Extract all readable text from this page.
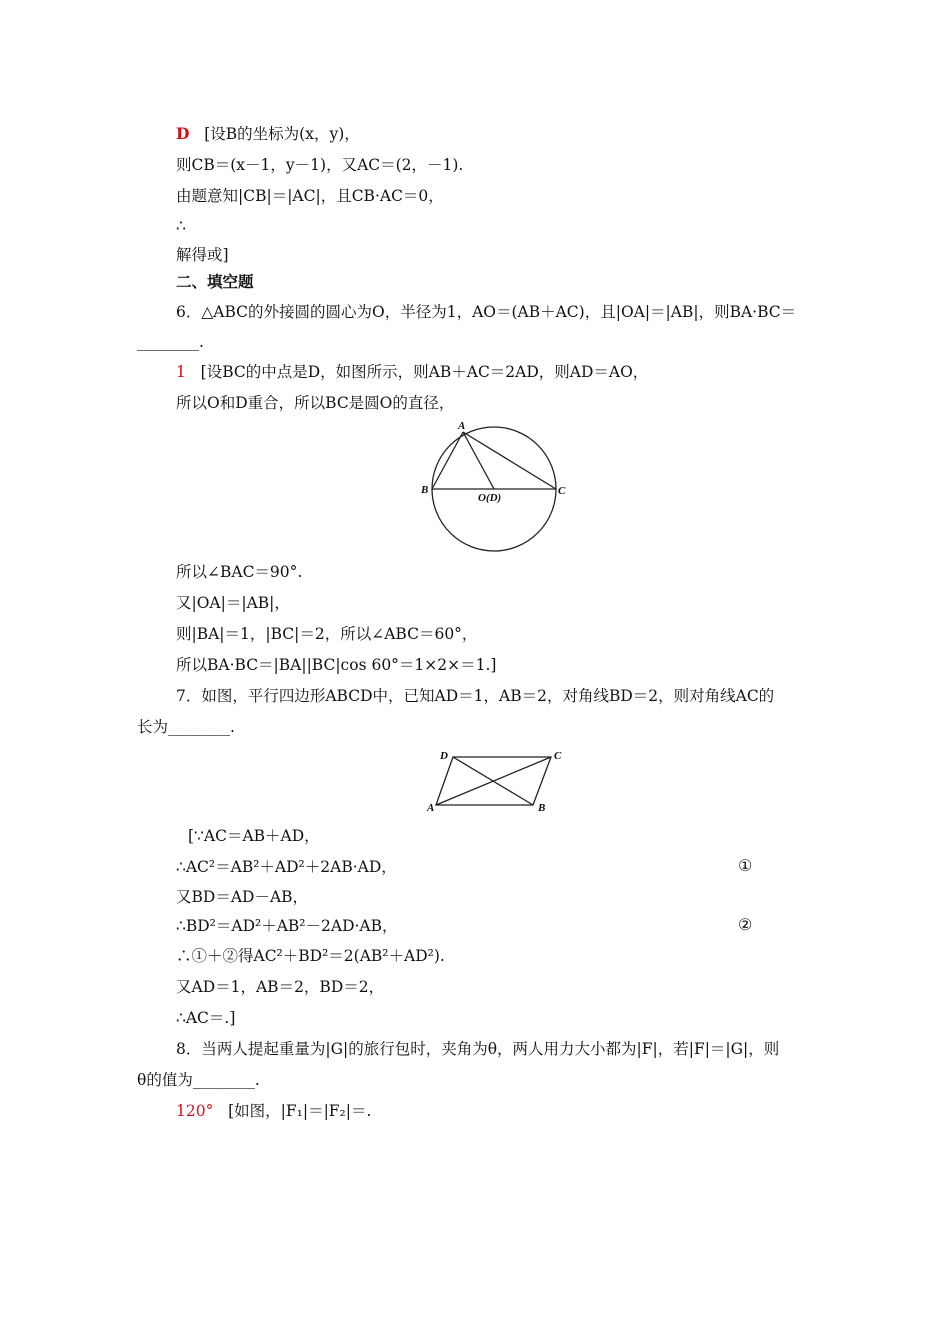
D [设B的坐标为(x，y)，
则CB＝(x－1，y－1)，又AC＝(2，－1).
由题意知|CB|＝|AC|，且CB·AC＝0，
∴
解得或]
二、填空题
6．△ABC的外接圆的圆心为O，半径为1，AO＝(AB＋AC)，且|OA|＝|AB|，则BA·BC＝
________.
1 [设BC的中点是D，如图所示，则AB＋AC＝2AD，则AD＝AO，
所以O和D重合，所以BC是圆O的直径，
A
B	C
O(D)
所以∠BAC＝90°.
又|OA|＝|AB|，
则|BA|＝1，|BC|＝2，所以∠ABC＝60°，
所以BA·BC＝|BA||BC|cos 60°＝1×2×＝1.]
7．如图，平行四边形ABCD中，已知AD＝1，AB＝2，对角线BD＝2，则对角线AC的
长为________.
A	B
C
D
[∵AC＝AB＋AD，
∴AC²＝AB²＋AD²＋2AB·AD，	①
又BD＝AD－AB，
∴BD²＝AD²＋AB²－2AD·AB，	②
∴①＋②得AC²＋BD²＝2(AB²＋AD²).
又AD＝1，AB＝2，BD＝2，
∴AC＝.]
8．当两人提起重量为|G|的旅行包时，夹角为θ，两人用力大小都为|F|，若|F|＝|G|，则
θ的值为________.
120° [如图，|F₁|＝|F₂|＝.
